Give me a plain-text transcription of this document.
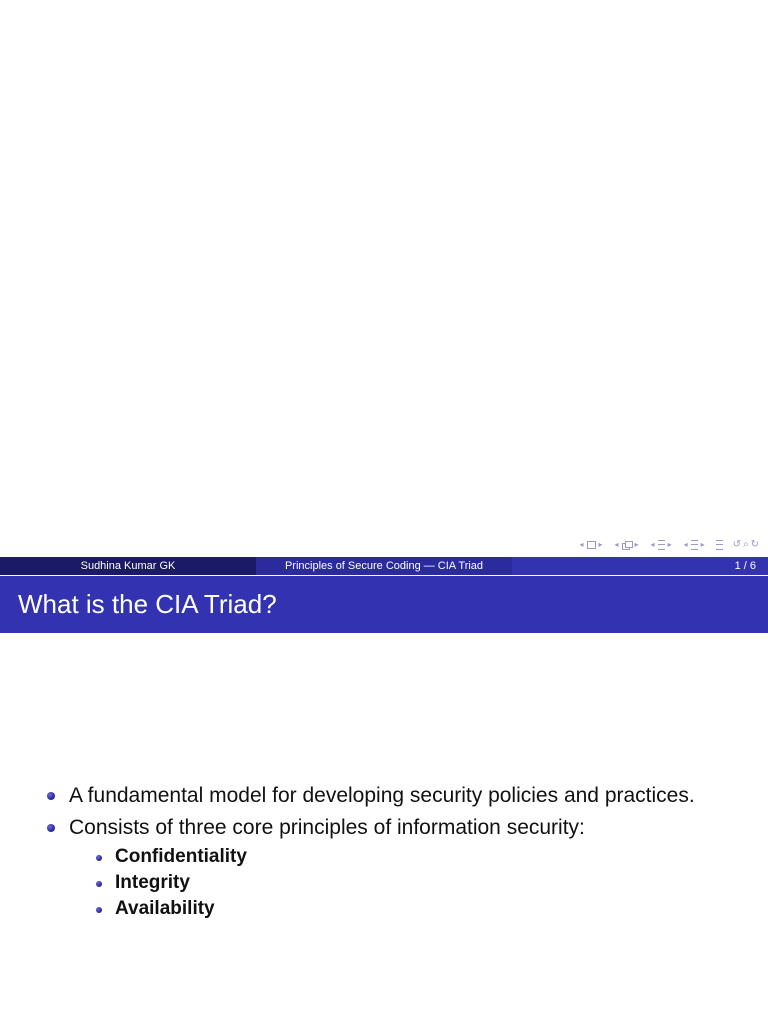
◂ ▸ ◂ ▸ ◂ ▸ ◂ ▸	↺ ⌕ ↻
Sudhina Kumar GK	Principles of Secure Coding — CIA Triad	1 / 6
What is the CIA Triad?
A fundamental model for developing security policies and practices.
Consists of three core principles of information security:
Confidentiality
Integrity
Availability
